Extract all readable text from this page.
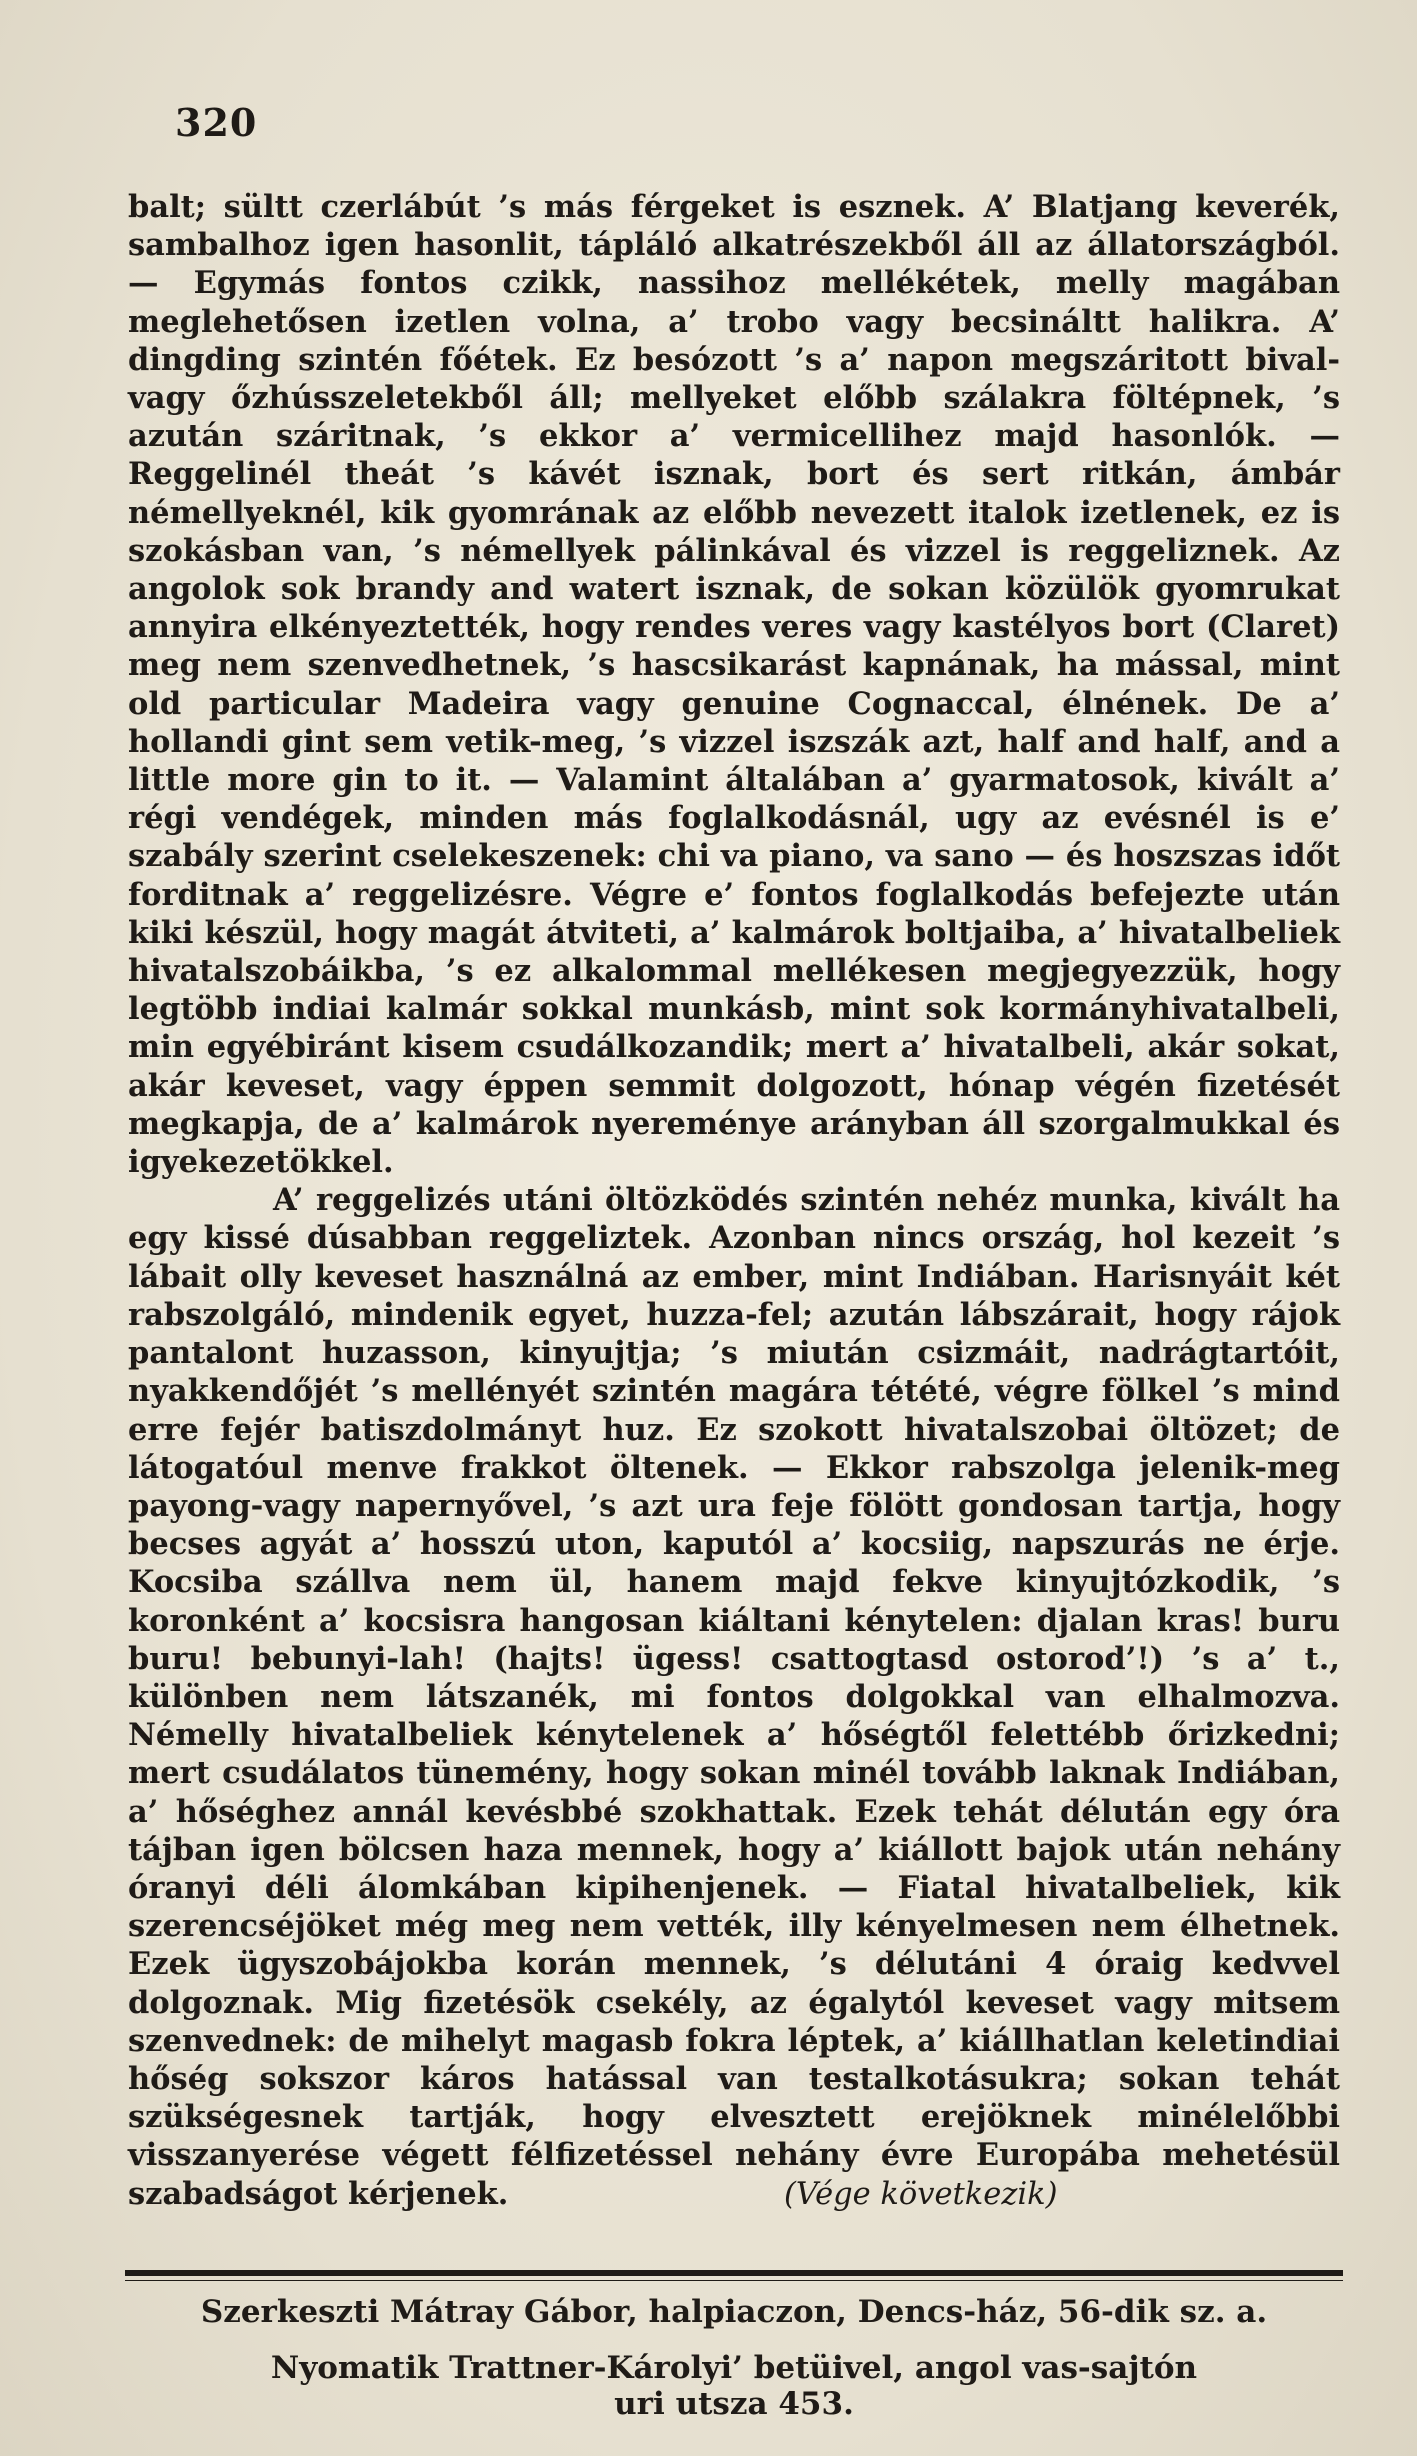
320

balt; sültt czerlábút ’s más férgeket is esznek. A’ Blatjang keverék, sambalhoz igen hasonlit, tápláló alkatrészekből áll az állatországból. — Egymás fontos czikk, nassihoz mellékétek, melly magában meglehetősen izetlen volna, a’ trobo vagy becsináltt halikra. A’ dingding szintén főétek. Ez besózott ’s a’ napon megszáritott bival- vagy őzhússzeletekből áll; mellyeket előbb szálakra föltépnek, ’s azután száritnak, ’s ekkor a’ vermicellihez majd hasonlók. — Reggelinél theát ’s kávét isznak, bort és sert ritkán, ámbár némellyeknél, kik gyomrának az előbb nevezett italok izetlenek, ez is szokásban van, ’s némellyek pálinkával és vizzel is reggeliznek. Az angolok sok brandy and watert isznak, de sokan közülök gyomrukat annyira elkényeztették, hogy rendes veres vagy kastélyos bort (Claret) meg nem szenvedhetnek, ’s hascsikarást kapnának, ha mással, mint old particular Madeira vagy genuine Cognaccal, élnének. De a’ hollandi gint sem vetik-meg, ’s vizzel iszszák azt, half and half, and a little more gin to it. — Valamint általában a’ gyarmatosok, kivált a’ régi vendégek, minden más foglalkodásnál, ugy az evésnél is e’ szabály szerint cselekeszenek: chi va piano, va sano — és hoszszas időt forditnak a’ reggelizésre. Végre e’ fontos foglalkodás befejezte után kiki készül, hogy magát átviteti, a’ kalmárok boltjaiba, a’ hivatalbeliek hivatalszobáikba, ’s ez alkalommal mellékesen megjegyezzük, hogy legtöbb indiai kalmár sokkal munkásb, mint sok kormányhivatalbeli, min egyébiránt kisem csudálkozandik; mert a’ hivatalbeli, akár sokat, akár keveset, vagy éppen semmit dolgozott, hónap végén fizetését megkapja, de a’ kalmárok nyereménye arányban áll szorgalmukkal és igyekezetökkel.

A’ reggelizés utáni öltözködés szintén nehéz munka, kivált ha egy kissé dúsabban reggeliztek. Azonban nincs ország, hol kezeit ’s lábait olly keveset használná az ember, mint Indiában. Harisnyáit két rabszolgáló, mindenik egyet, huzza-fel; azután lábszárait, hogy rájok pantalont huzasson, kinyujtja; ’s miután csizmáit, nadrágtartóit, nyakkendőjét ’s mellényét szintén magára tétété, végre fölkel ’s mind erre fejér batiszdolmányt huz. Ez szokott hivatalszobai öltözet; de látogatóul menve frakkot öltenek. — Ekkor rabszolga jelenik-meg payong-vagy napernyővel, ’s azt ura feje fölött gondosan tartja, hogy becses agyát a’ hosszú uton, kaputól a’ kocsiig, napszurás ne érje. Kocsiba szállva nem ül, hanem majd fekve kinyujtózkodik, ’s koronként a’ kocsisra hangosan kiáltani kénytelen: djalan kras! buru buru! bebunyi-lah! (hajts! ügess! csattogtasd ostorod’!) ’s a’ t., különben nem látszanék, mi fontos dolgokkal van elhalmozva. Némelly hivatalbeliek kénytelenek a’ hőségtől felettébb őrizkedni; mert csudálatos tünemény, hogy sokan minél tovább laknak Indiában, a’ hőséghez annál kevésbbé szokhattak. Ezek tehát délután egy óra tájban igen bölcsen haza mennek, hogy a’ kiállott bajok után nehány óranyi déli álomkában kipihenjenek. — Fiatal hivatalbeliek, kik szerencséjöket még meg nem vették, illy kényelmesen nem élhetnek. Ezek ügyszobájokba korán mennek, ’s délutáni 4 óraig kedvvel dolgoznak. Mig fizetésök csekély, az égalytól keveset vagy mitsem szenvednek: de mihelyt magasb fokra léptek, a’ kiállhatlan keletindiai hőség sokszor káros hatással van testalkotásukra; sokan tehát szükségesnek tartják, hogy elvesztett erejöknek minélelőbbi visszanyerése végett félfizetéssel nehány évre Europába mehetésül szabadságot kérjenek.	(Vége következik)

Szerkeszti Mátray Gábor, halpiaczon, Dencs-ház, 56-dik sz. a.
Nyomatik Trattner-Károlyi’ betüivel, angol vas-sajtón
uri utsza 453.
